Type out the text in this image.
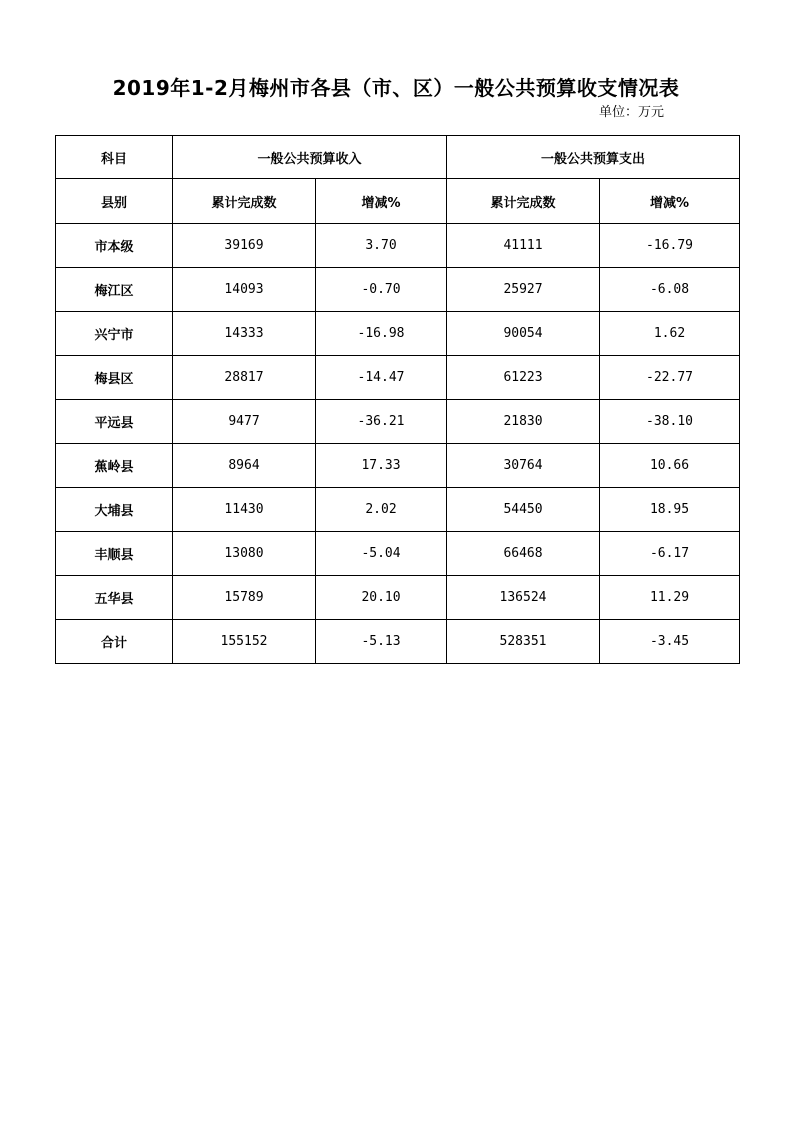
2019年1-2月梅州市各县（市、区）一般公共预算收支情况表
单位：万元
科目	一般公共预算收入		一般公共预算支出	
县别	累计完成数	增减%	累计完成数	增减%
市本级	39169	3.70	41111	-16.79
梅江区	14093	-0.70	25927	-6.08
兴宁市	14333	-16.98	90054	1.62
梅县区	28817	-14.47	61223	-22.77
平远县	9477	-36.21	21830	-38.10
蕉岭县	8964	17.33	30764	10.66
大埔县	11430	2.02	54450	18.95
丰顺县	13080	-5.04	66468	-6.17
五华县	15789	20.10	136524	11.29
合计	155152	-5.13	528351	-3.45
